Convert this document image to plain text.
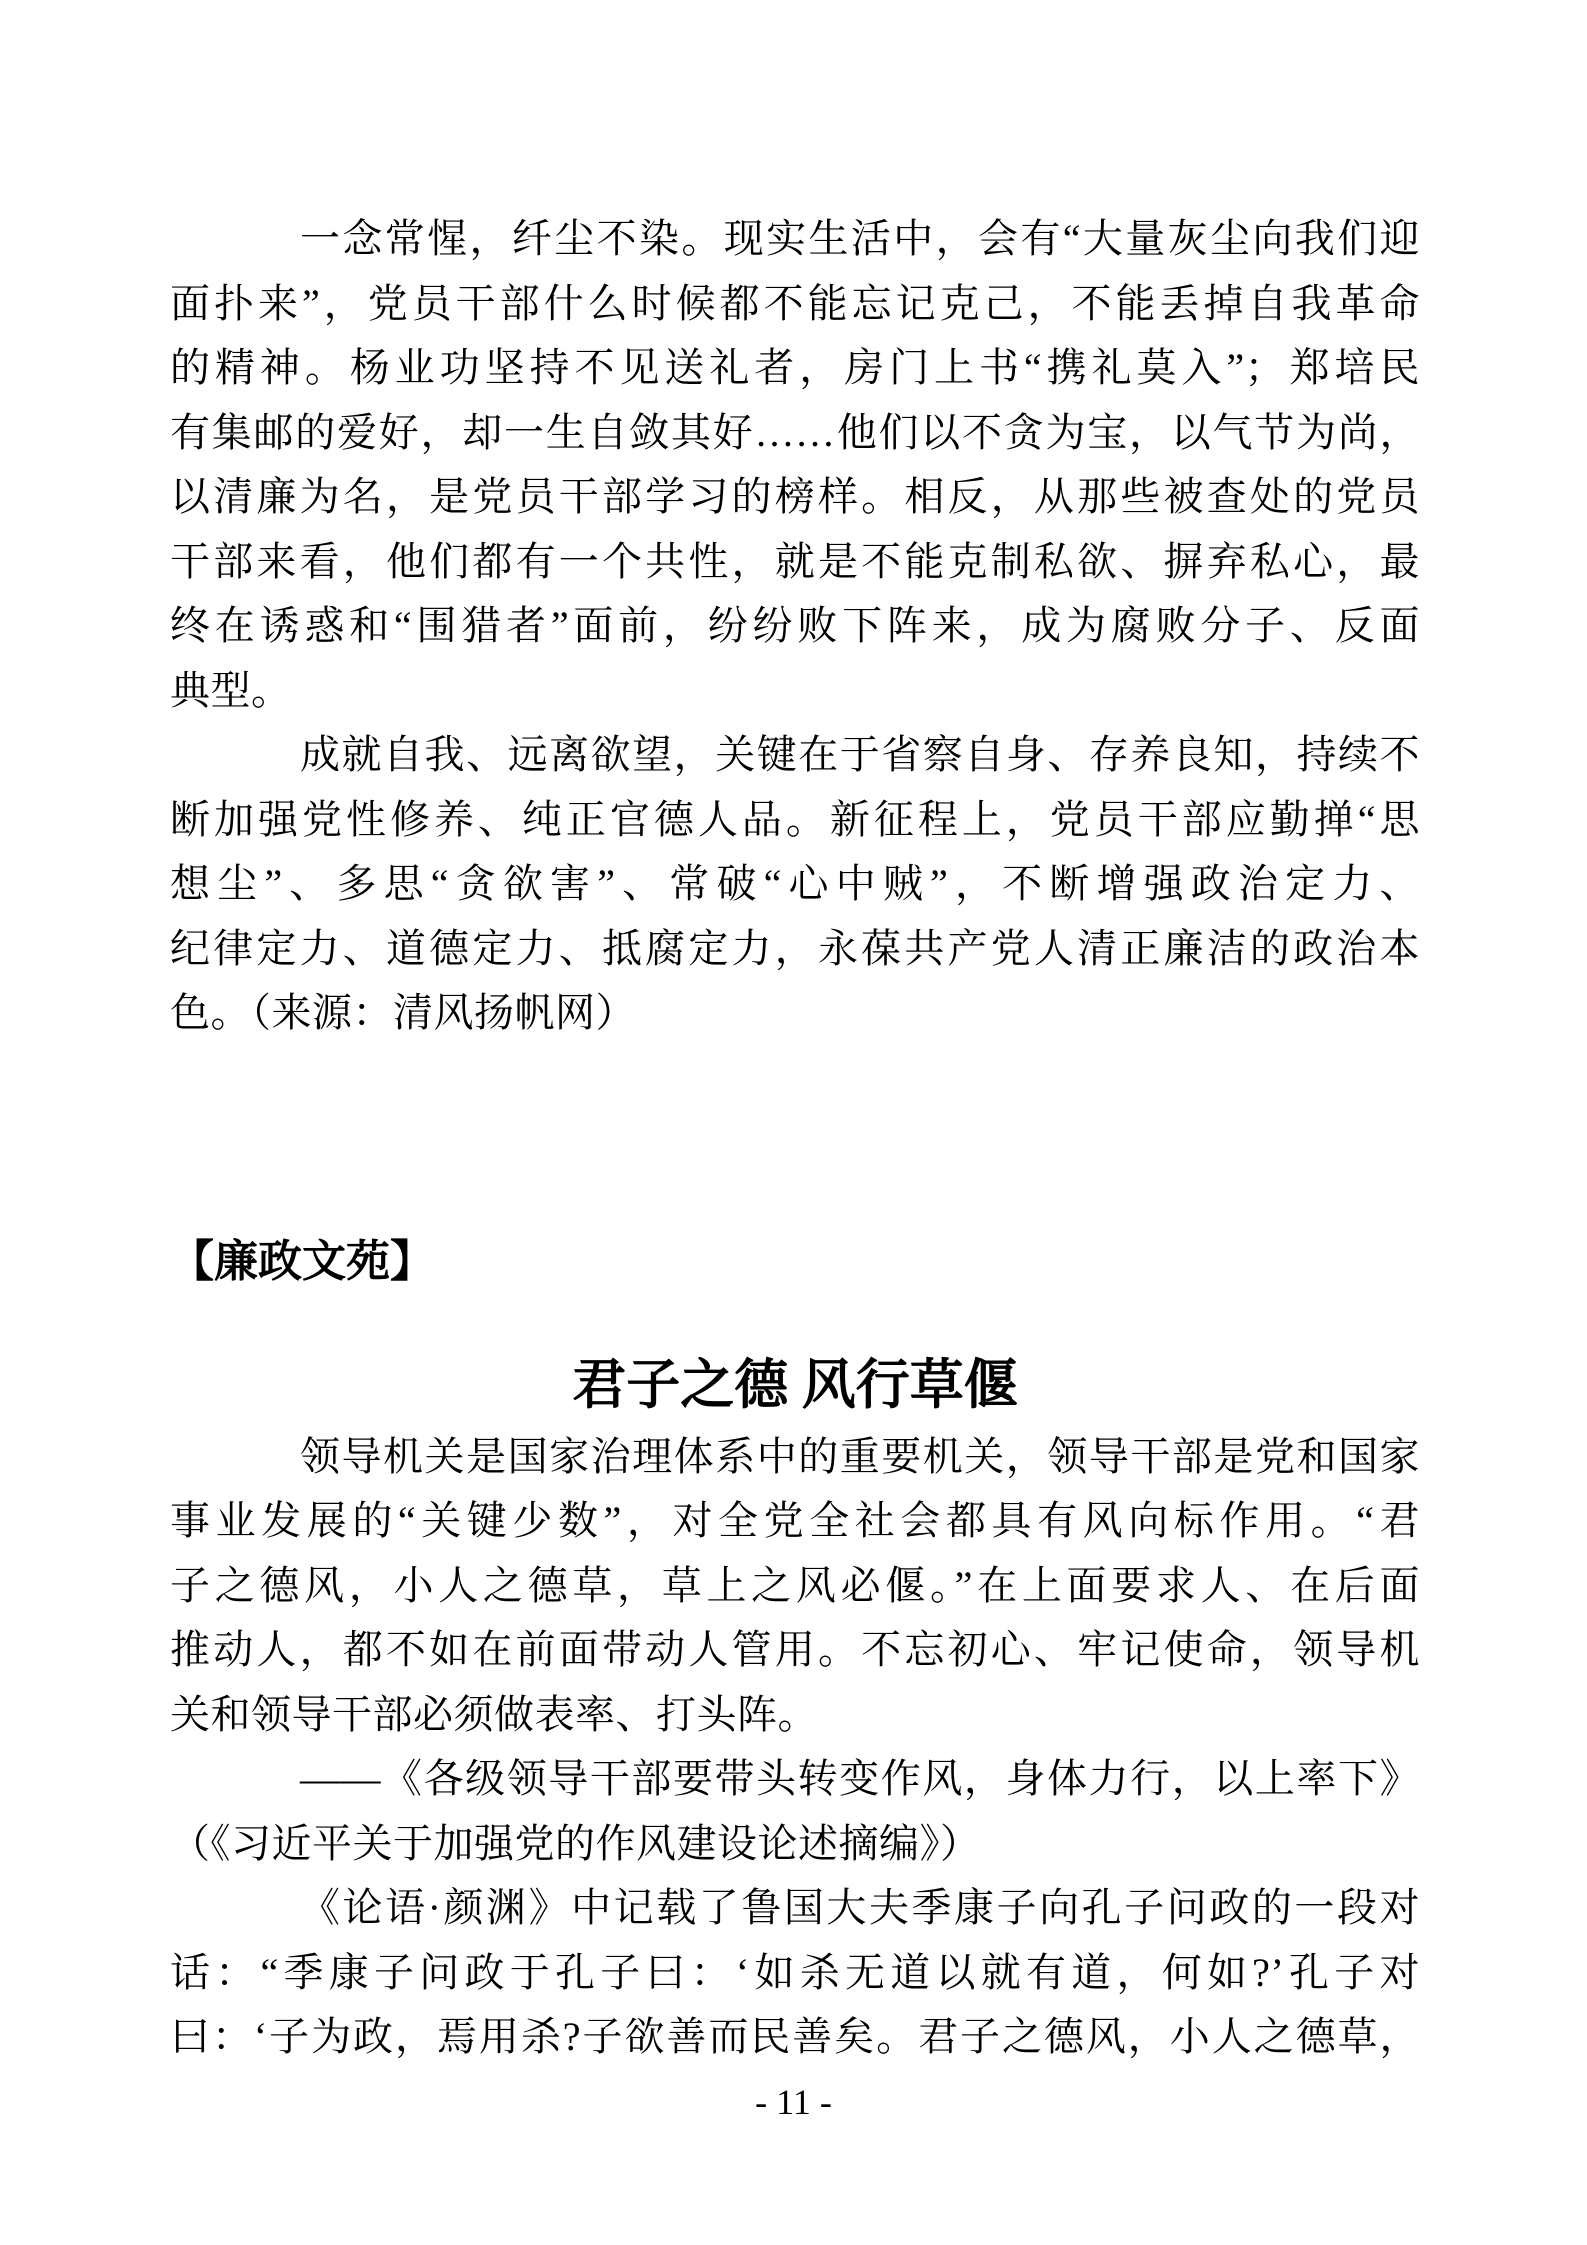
一念常惺，纤尘不染。现实生活中，会有“大量灰尘向我们迎
面扑来”，党员干部什么时候都不能忘记克己，不能丢掉自我革命
的精神。杨业功坚持不见送礼者，房门上书“携礼莫入”；郑培民
有集邮的爱好，却一生自敛其好……他们以不贪为宝，以气节为尚，
以清廉为名，是党员干部学习的榜样。相反，从那些被查处的党员
干部来看，他们都有一个共性，就是不能克制私欲、摒弃私心，最
终在诱惑和“围猎者”面前，纷纷败下阵来，成为腐败分子、反面
典型。
成就自我、远离欲望，关键在于省察自身、存养良知，持续不
断加强党性修养、纯正官德人品。新征程上，党员干部应勤掸“思
想尘”、多思“贪欲害”、常破“心中贼”，不断增强政治定力、
纪律定力、道德定力、抵腐定力，永葆共产党人清正廉洁的政治本
色。（来源：清风扬帆网）
【廉政文苑】
君子之德 风行草偃
领导机关是国家治理体系中的重要机关，领导干部是党和国家
事业发展的“关键少数”，对全党全社会都具有风向标作用。“君
子之德风，小人之德草，草上之风必偃。”在上面要求人、在后面
推动人，都不如在前面带动人管用。不忘初心、牢记使命，领导机
关和领导干部必须做表率、打头阵。
——《各级领导干部要带头转变作风，身体力行，以上率下》
（《习近平关于加强党的作风建设论述摘编》）
《论语·颜渊》中记载了鲁国大夫季康子向孔子问政的一段对
话：“季康子问政于孔子曰：‘如杀无道以就有道，何如?’孔子对
曰：‘子为政，焉用杀?子欲善而民善矣。君子之德风，小人之德草，
- 11 -
